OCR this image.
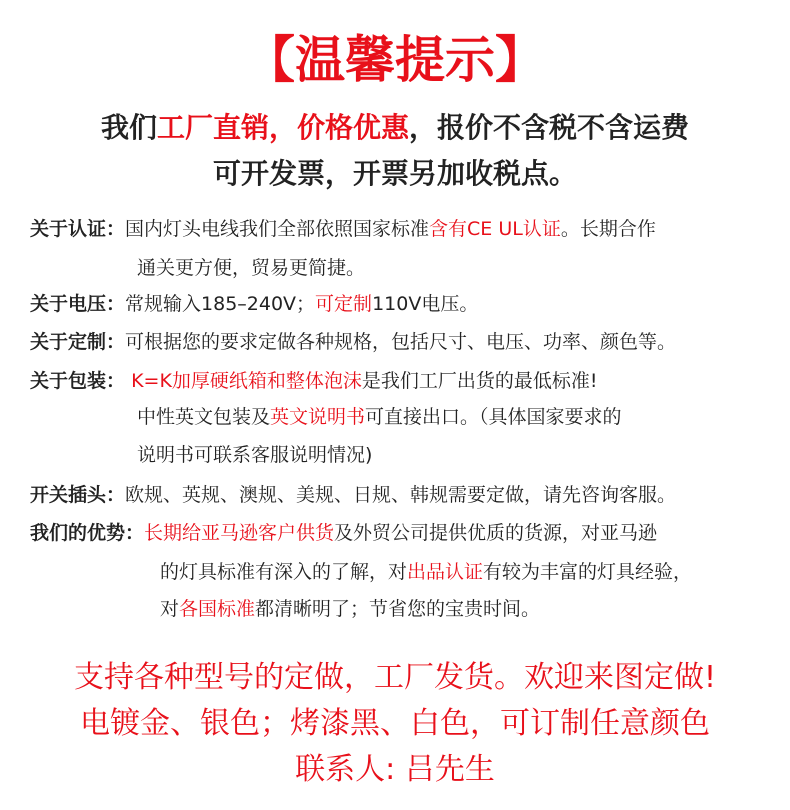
【温馨提示】
我们工厂直销，价格优惠，报价不含税不含运费
可开发票，开票另加收税点。
关于认证：国内灯头电线我们全部依照国家标准含有CE UL认证。长期合作
通关更方便，贸易更简捷。
关于电压：常规输入185–240V；可定制110V电压。
关于定制：可根据您的要求定做各种规格，包括尺寸、电压、功率、颜色等。
关于包装： K=K加厚硬纸箱和整体泡沫是我们工厂出货的最低标准!
中性英文包装及英文说明书可直接出口。（具体国家要求的
说明书可联系客服说明情况)
开关插头：欧规、英规、澳规、美规、日规、韩规需要定做，请先咨询客服。
我们的优势：长期给亚马逊客户供货及外贸公司提供优质的货源，对亚马逊
的灯具标准有深入的了解，对出品认证有较为丰富的灯具经验，
对各国标准都清晰明了；节省您的宝贵时间。
支持各种型号的定做，工厂发货。欢迎来图定做!
电镀金、银色；烤漆黑、白色，可订制任意颜色
联系人: 吕先生
